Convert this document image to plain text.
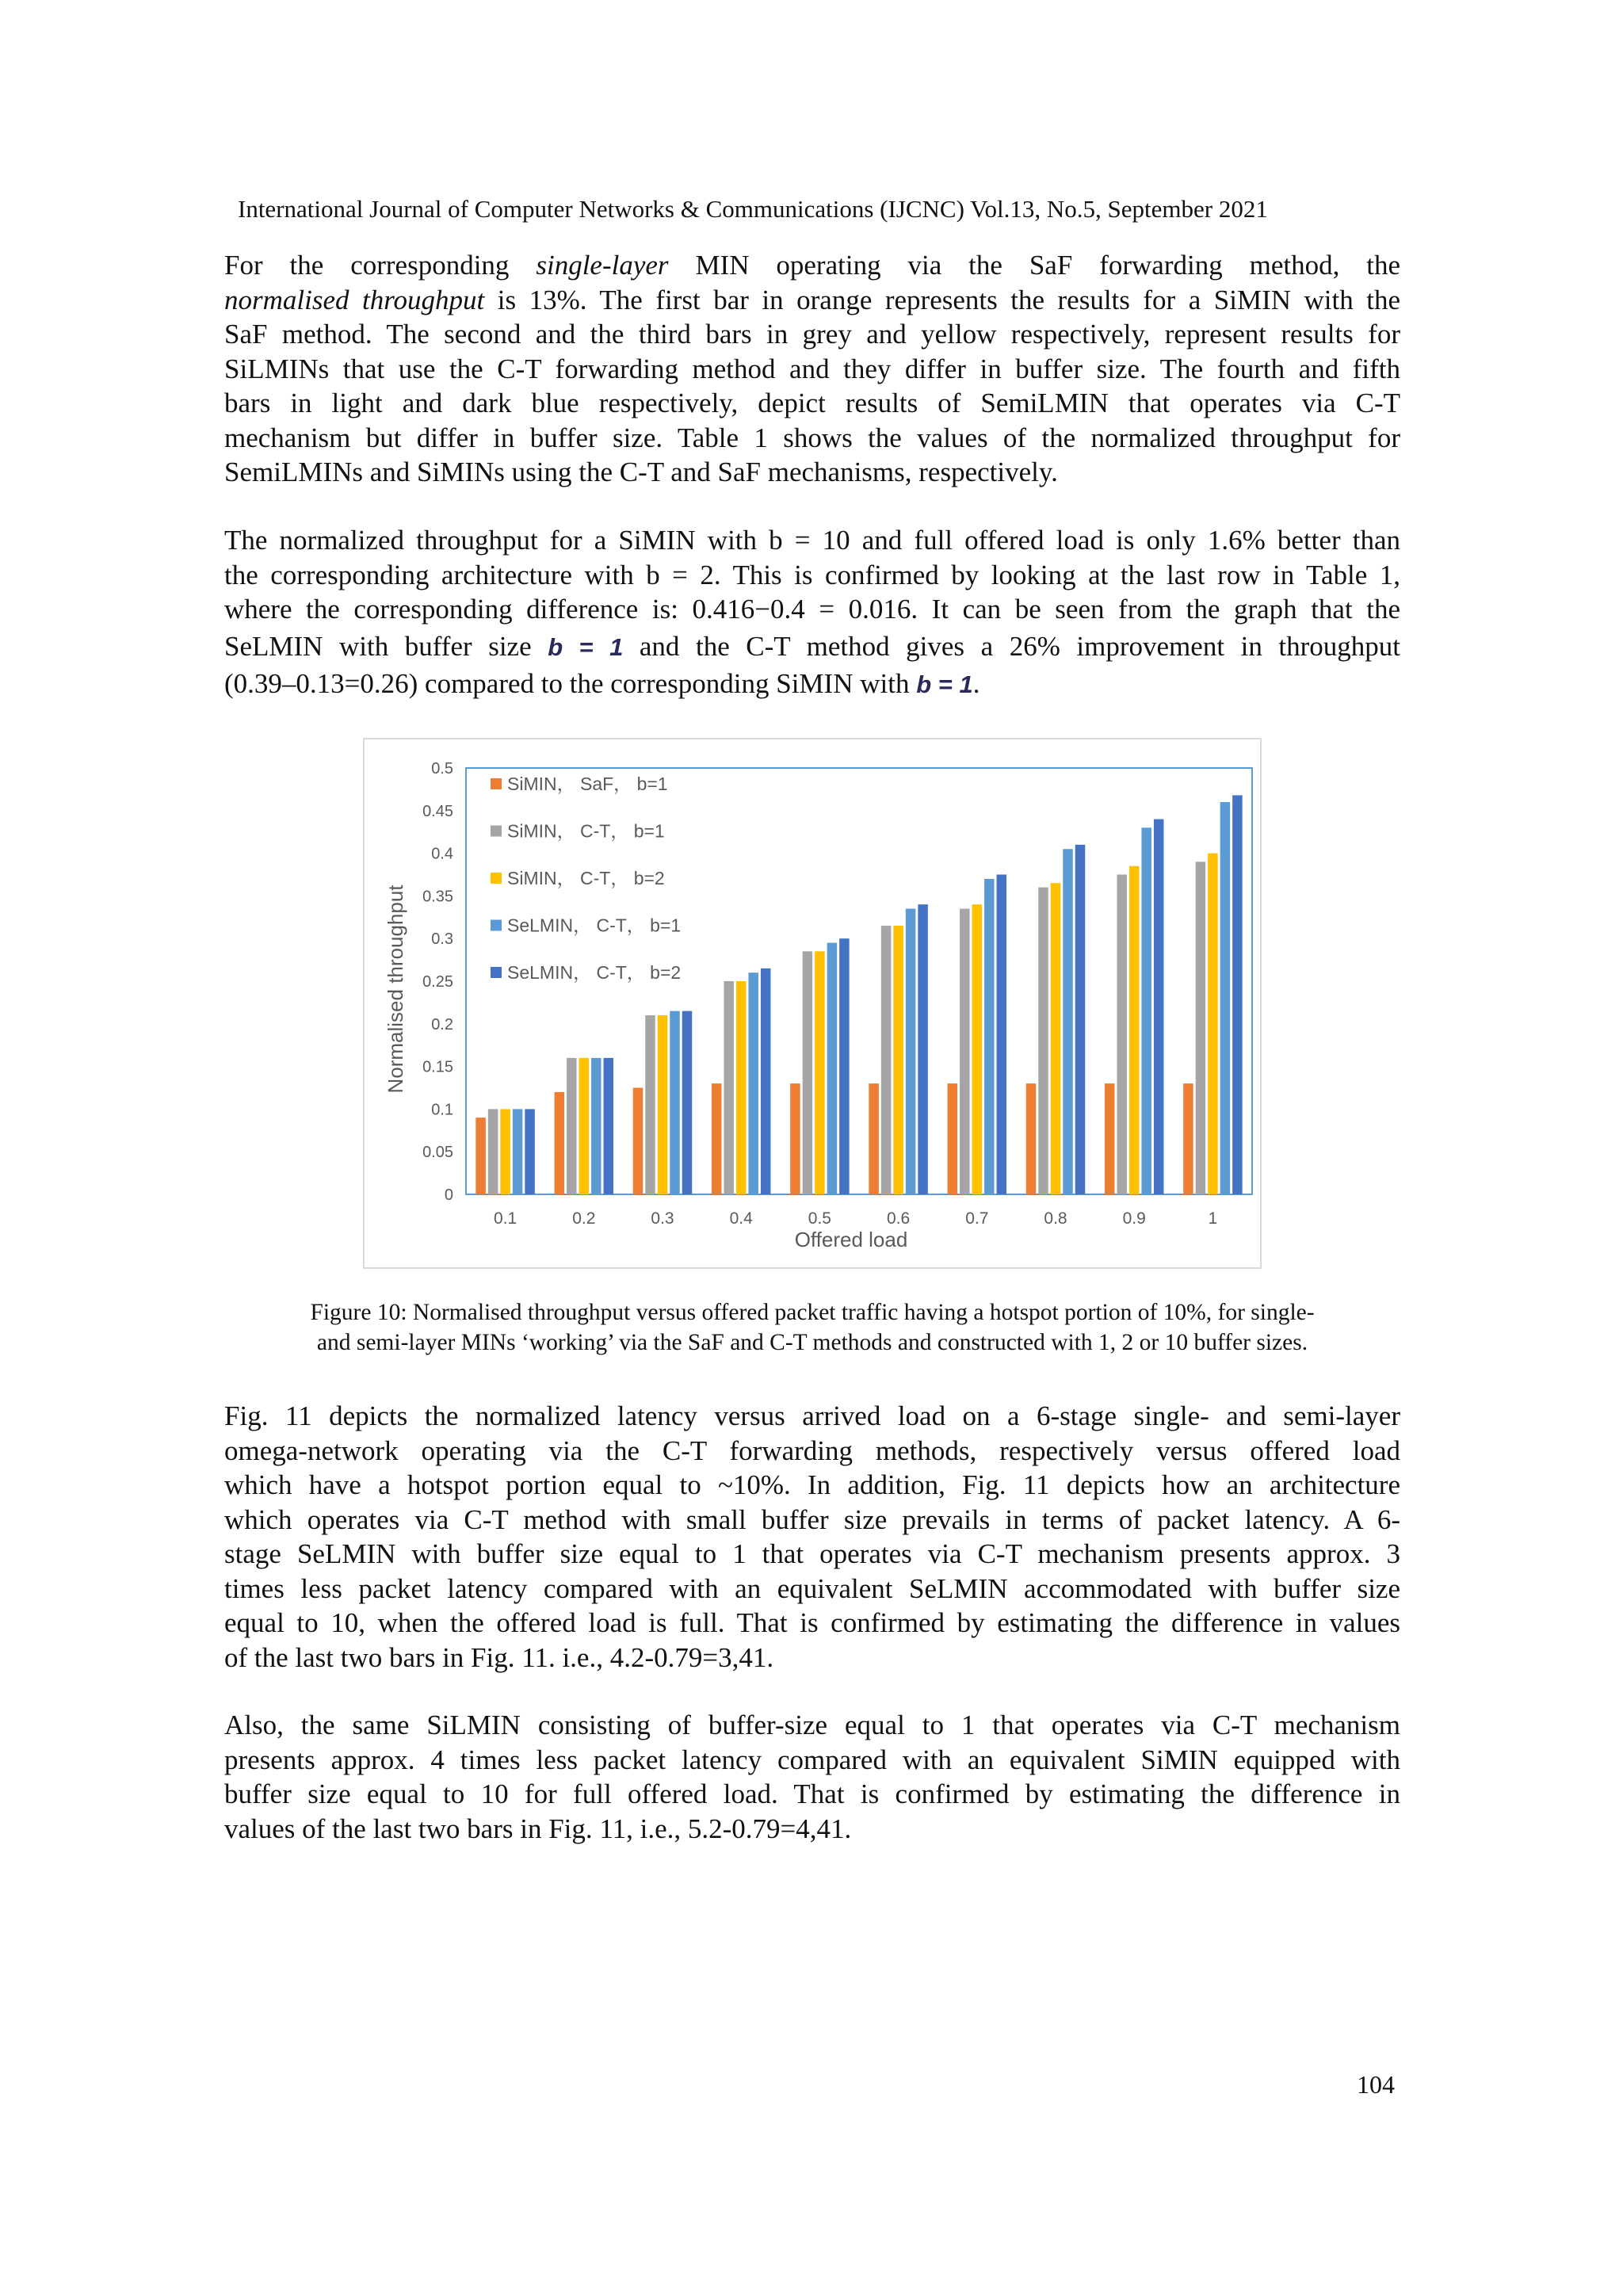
International Journal of Computer Networks & Communications (IJCNC) Vol.13, No.5, September 2021
For the corresponding single-layer MIN operating via the SaF forwarding method, the
normalised throughput is 13%. The first bar in orange represents the results for a SiMIN with the
SaF method. The second and the third bars in grey and yellow respectively, represent results for
SiLMINs that use the C-T forwarding method and they differ in buffer size. The fourth and fifth
bars in light and dark blue respectively, depict results of SemiLMIN that operates via C-T
mechanism but differ in buffer size. Table 1 shows the values of the normalized throughput for
SemiLMINs and SiMINs using the C-T and SaF mechanisms, respectively.
The normalized throughput for a SiMIN with b = 10 and full offered load is only 1.6% better than
the corresponding architecture with b = 2. This is confirmed by looking at the last row in Table 1,
where the corresponding difference is: 0.416−0.4 = 0.016. It can be seen from the graph that the
SeLMIN with buffer size b = 1 and the C-T method gives a 26% improvement in throughput
(0.39–0.13=0.26) compared to the corresponding SiMIN with b = 1.
0
0.05
0.1
0.15
0.2
0.25
0.3
0.35
0.4
0.45
0.5
0.1	0.2	0.3	0.4	0.5	0.6	0.7	0.8	0.9	1
Offered load
Normalised throughput
SiMIN， SaF， b=1
SiMIN， C-T， b=1
SiMIN， C-T， b=2
SeLMIN， C-T， b=1
SeLMIN， C-T， b=2
Figure 10: Normalised throughput versus offered packet traffic having a hotspot portion of 10%, for single-
and semi-layer MINs ‘working’ via the SaF and C-T methods and constructed with 1, 2 or 10 buffer sizes.
Fig. 11 depicts the normalized latency versus arrived load on a 6-stage single- and semi-layer
omega-network operating via the C-T forwarding methods, respectively versus offered load
which have a hotspot portion equal to ~10%. In addition, Fig. 11 depicts how an architecture
which operates via C-T method with small buffer size prevails in terms of packet latency. A 6-
stage SeLMIN with buffer size equal to 1 that operates via C-T mechanism presents approx. 3
times less packet latency compared with an equivalent SeLMIN accommodated with buffer size
equal to 10, when the offered load is full. That is confirmed by estimating the difference in values
of the last two bars in Fig. 11. i.e., 4.2-0.79=3,41.
Also, the same SiLMIN consisting of buffer-size equal to 1 that operates via C-T mechanism
presents approx. 4 times less packet latency compared with an equivalent SiMIN equipped with
buffer size equal to 10 for full offered load. That is confirmed by estimating the difference in
values of the last two bars in Fig. 11, i.e., 5.2-0.79=4,41.
104
